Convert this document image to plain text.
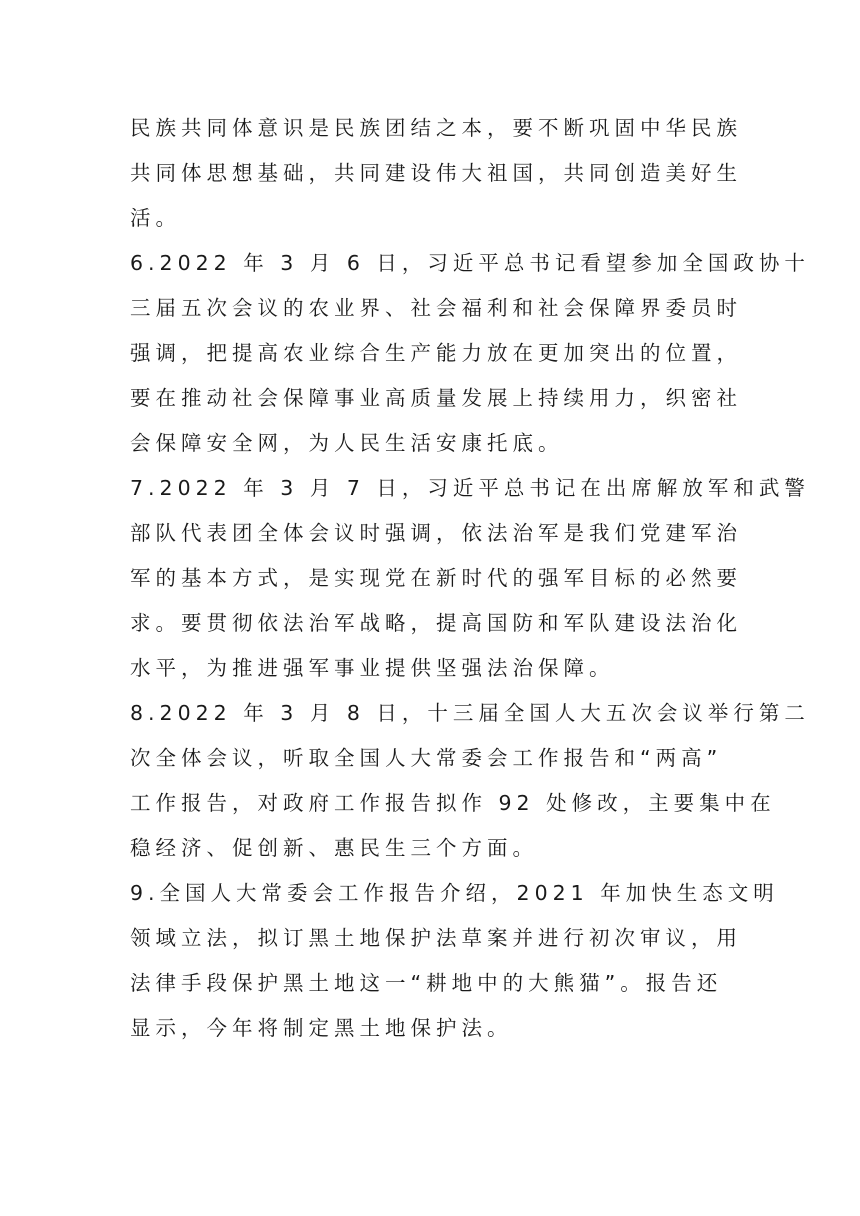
民族共同体意识是民族团结之本，要不断巩固中华民族
共同体思想基础，共同建设伟大祖国，共同创造美好生
活。
6.2022 年 3 月 6 日，习近平总书记看望参加全国政协十
三届五次会议的农业界、社会福利和社会保障界委员时
强调，把提高农业综合生产能力放在更加突出的位置，
要在推动社会保障事业高质量发展上持续用力，织密社
会保障安全网，为人民生活安康托底。
7.2022 年 3 月 7 日，习近平总书记在出席解放军和武警
部队代表团全体会议时强调，依法治军是我们党建军治
军的基本方式，是实现党在新时代的强军目标的必然要
求。要贯彻依法治军战略，提高国防和军队建设法治化
水平，为推进强军事业提供坚强法治保障。
8.2022 年 3 月 8 日，十三届全国人大五次会议举行第二
次全体会议，听取全国人大常委会工作报告和“两高”
工作报告，对政府工作报告拟作 92 处修改，主要集中在
稳经济、促创新、惠民生三个方面。
9.全国人大常委会工作报告介绍，2021 年加快生态文明
领域立法，拟订黑土地保护法草案并进行初次审议，用
法律手段保护黑土地这一“耕地中的大熊猫”。报告还
显示，今年将制定黑土地保护法。
